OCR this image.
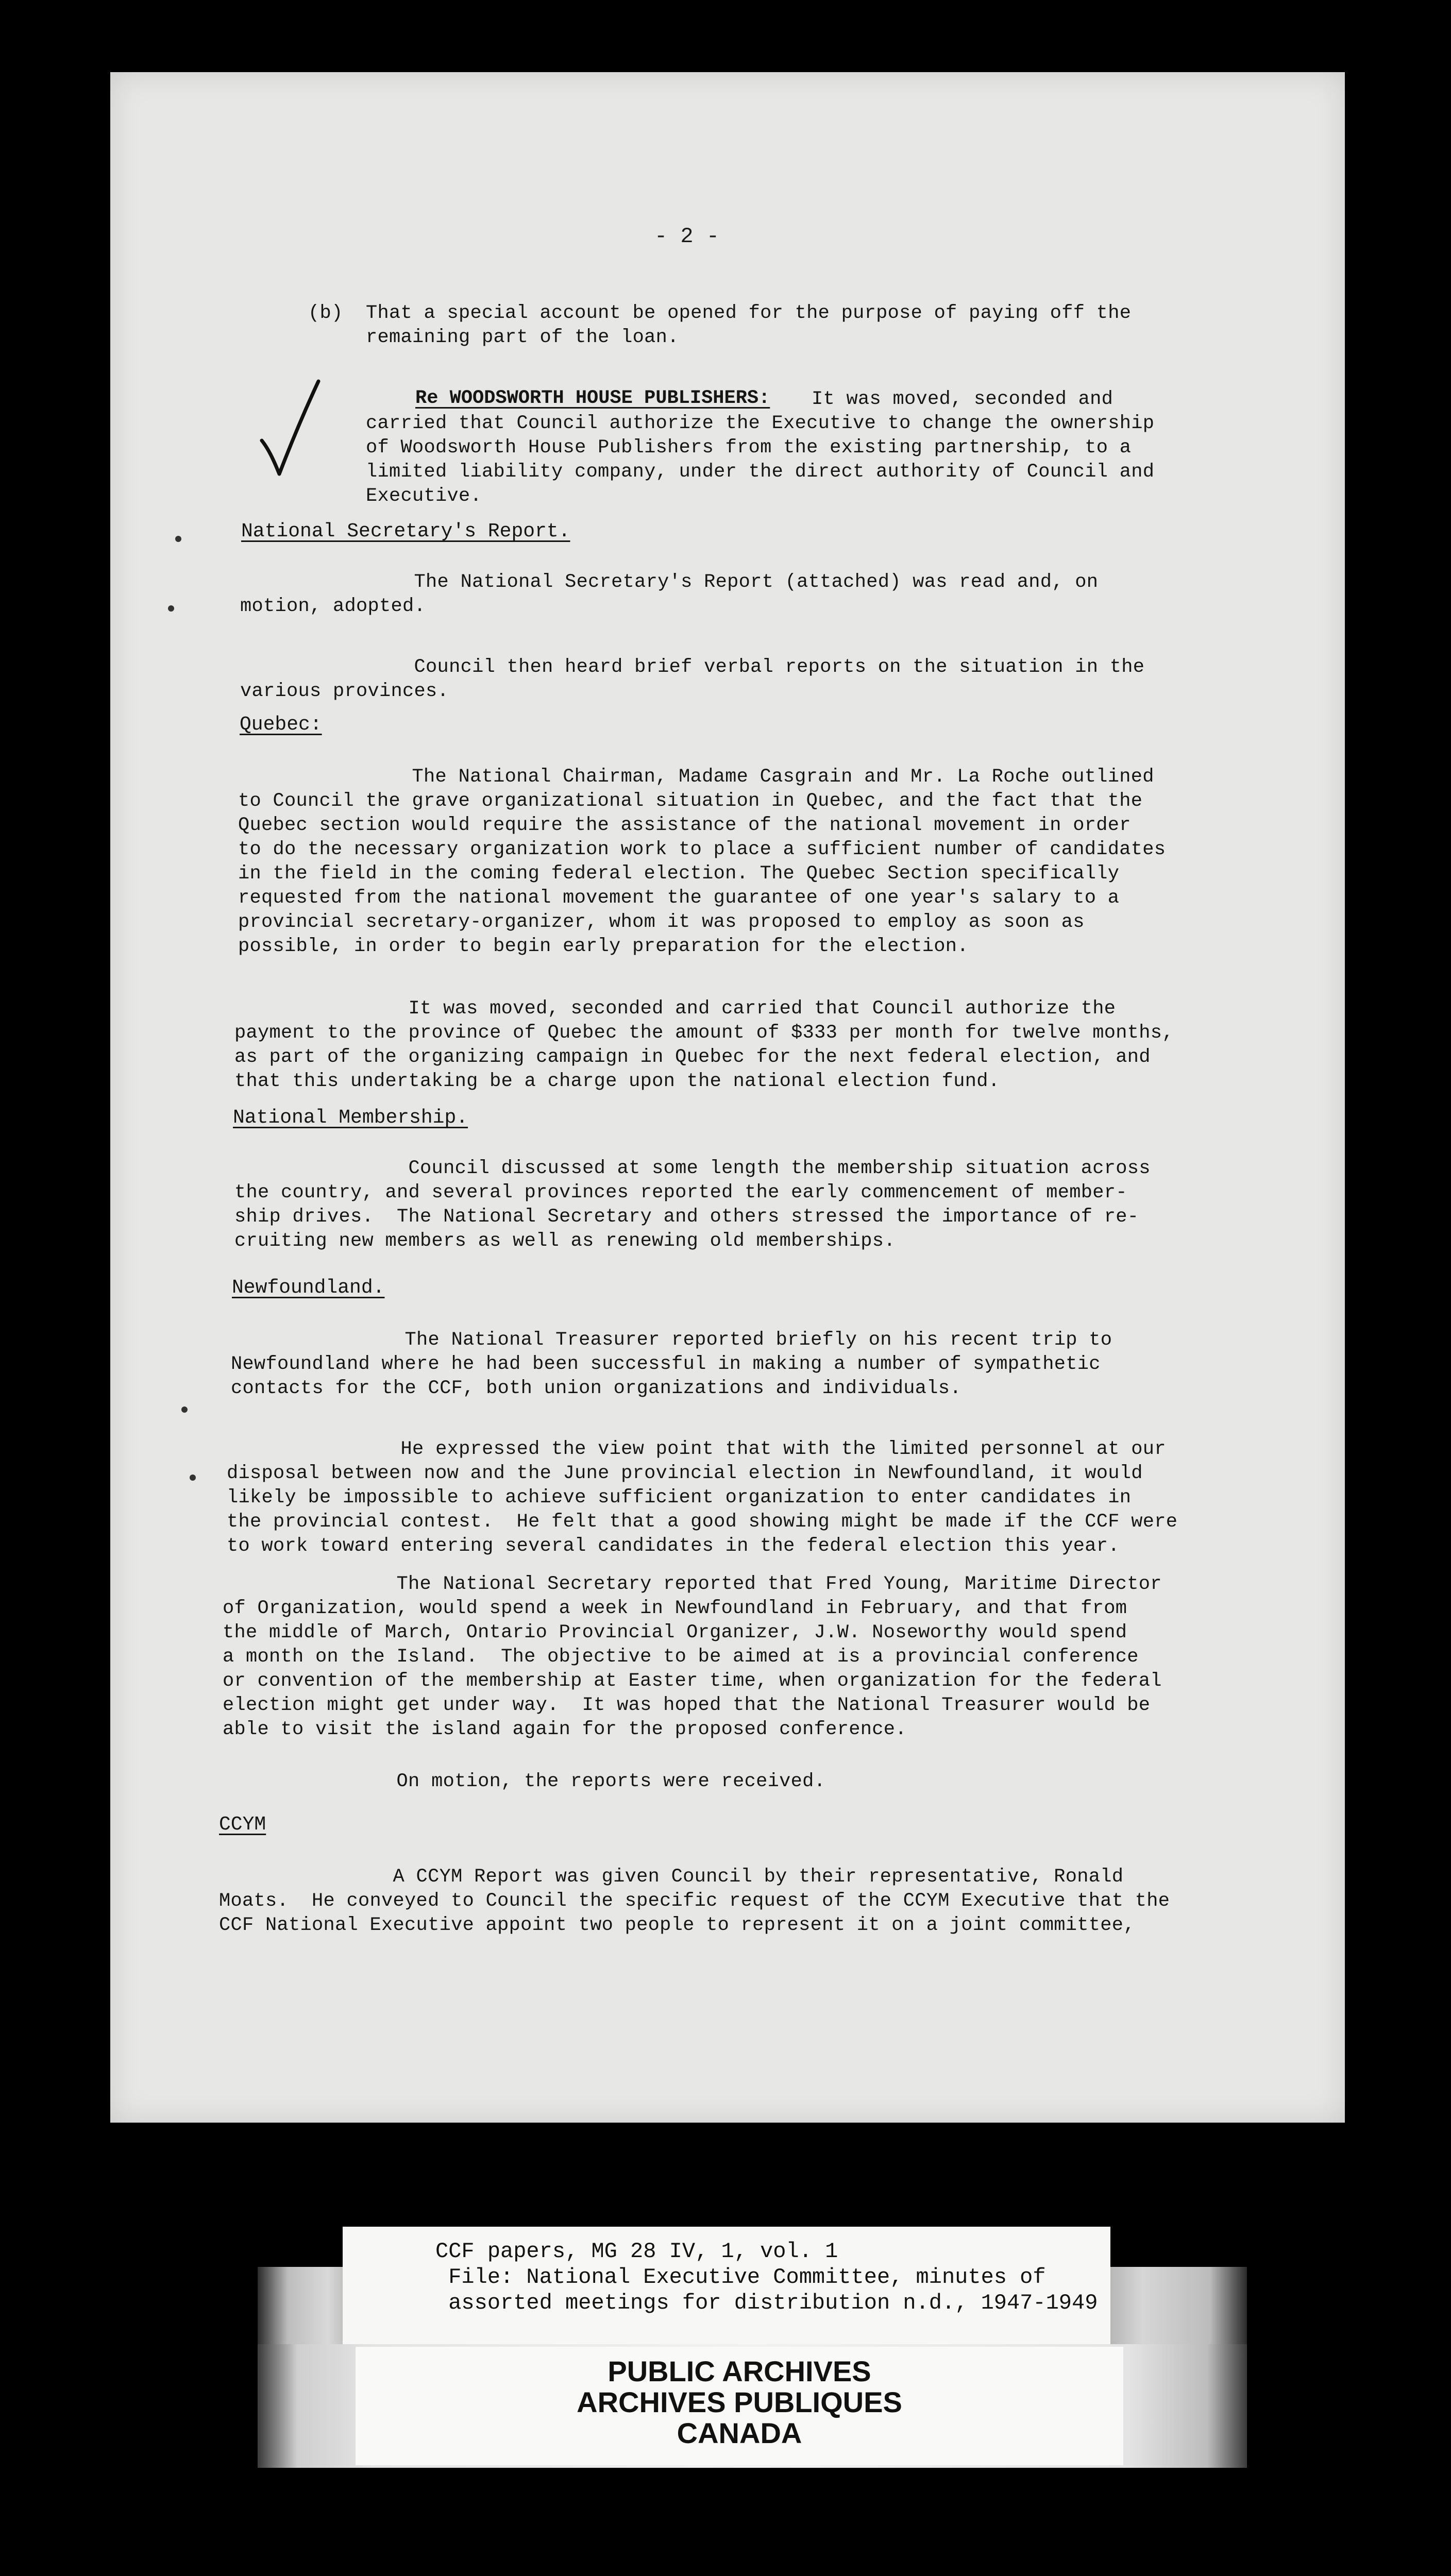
- 2 -
(b) That a special account be opened for the purpose of paying off the
remaining part of the loan.
Re WOODSWORTH HOUSE PUBLISHERS: It was moved, seconded and
carried that Council authorize the Executive to change the ownership
of Woodsworth House Publishers from the existing partnership, to a
limited liability company, under the direct authority of Council and
Executive.
National Secretary's Report.
The National Secretary's Report (attached) was read and, on
motion, adopted.
Council then heard brief verbal reports on the situation in the
various provinces.
Quebec:
The National Chairman, Madame Casgrain and Mr. La Roche outlined
to Council the grave organizational situation in Quebec, and the fact that the
Quebec section would require the assistance of the national movement in order
to do the necessary organization work to place a sufficient number of candidates
in the field in the coming federal election. The Quebec Section specifically
requested from the national movement the guarantee of one year's salary to a
provincial secretary-organizer, whom it was proposed to employ as soon as
possible, in order to begin early preparation for the election.
It was moved, seconded and carried that Council authorize the
payment to the province of Quebec the amount of $333 per month for twelve months,
as part of the organizing campaign in Quebec for the next federal election, and
that this undertaking be a charge upon the national election fund.
National Membership.
Council discussed at some length the membership situation across
the country, and several provinces reported the early commencement of member-
ship drives.  The National Secretary and others stressed the importance of re-
cruiting new members as well as renewing old memberships.
Newfoundland.
The National Treasurer reported briefly on his recent trip to
Newfoundland where he had been successful in making a number of sympathetic
contacts for the CCF, both union organizations and individuals.
He expressed the view point that with the limited personnel at our
disposal between now and the June provincial election in Newfoundland, it would
likely be impossible to achieve sufficient organization to enter candidates in
the provincial contest.  He felt that a good showing might be made if the CCF were
to work toward entering several candidates in the federal election this year.
The National Secretary reported that Fred Young, Maritime Director
of Organization, would spend a week in Newfoundland in February, and that from
the middle of March, Ontario Provincial Organizer, J.W. Noseworthy would spend
a month on the Island.  The objective to be aimed at is a provincial conference
or convention of the membership at Easter time, when organization for the federal
election might get under way.  It was hoped that the National Treasurer would be
able to visit the island again for the proposed conference.
On motion, the reports were received.
CCYM
A CCYM Report was given Council by their representative, Ronald
Moats.  He conveyed to Council the specific request of the CCYM Executive that the
CCF National Executive appoint two people to represent it on a joint committee,
CCF papers, MG 28 IV, 1, vol. 1
File: National Executive Committee, minutes of
assorted meetings for distribution n.d., 1947-1949
PUBLIC ARCHIVES
ARCHIVES PUBLIQUES
CANADA
